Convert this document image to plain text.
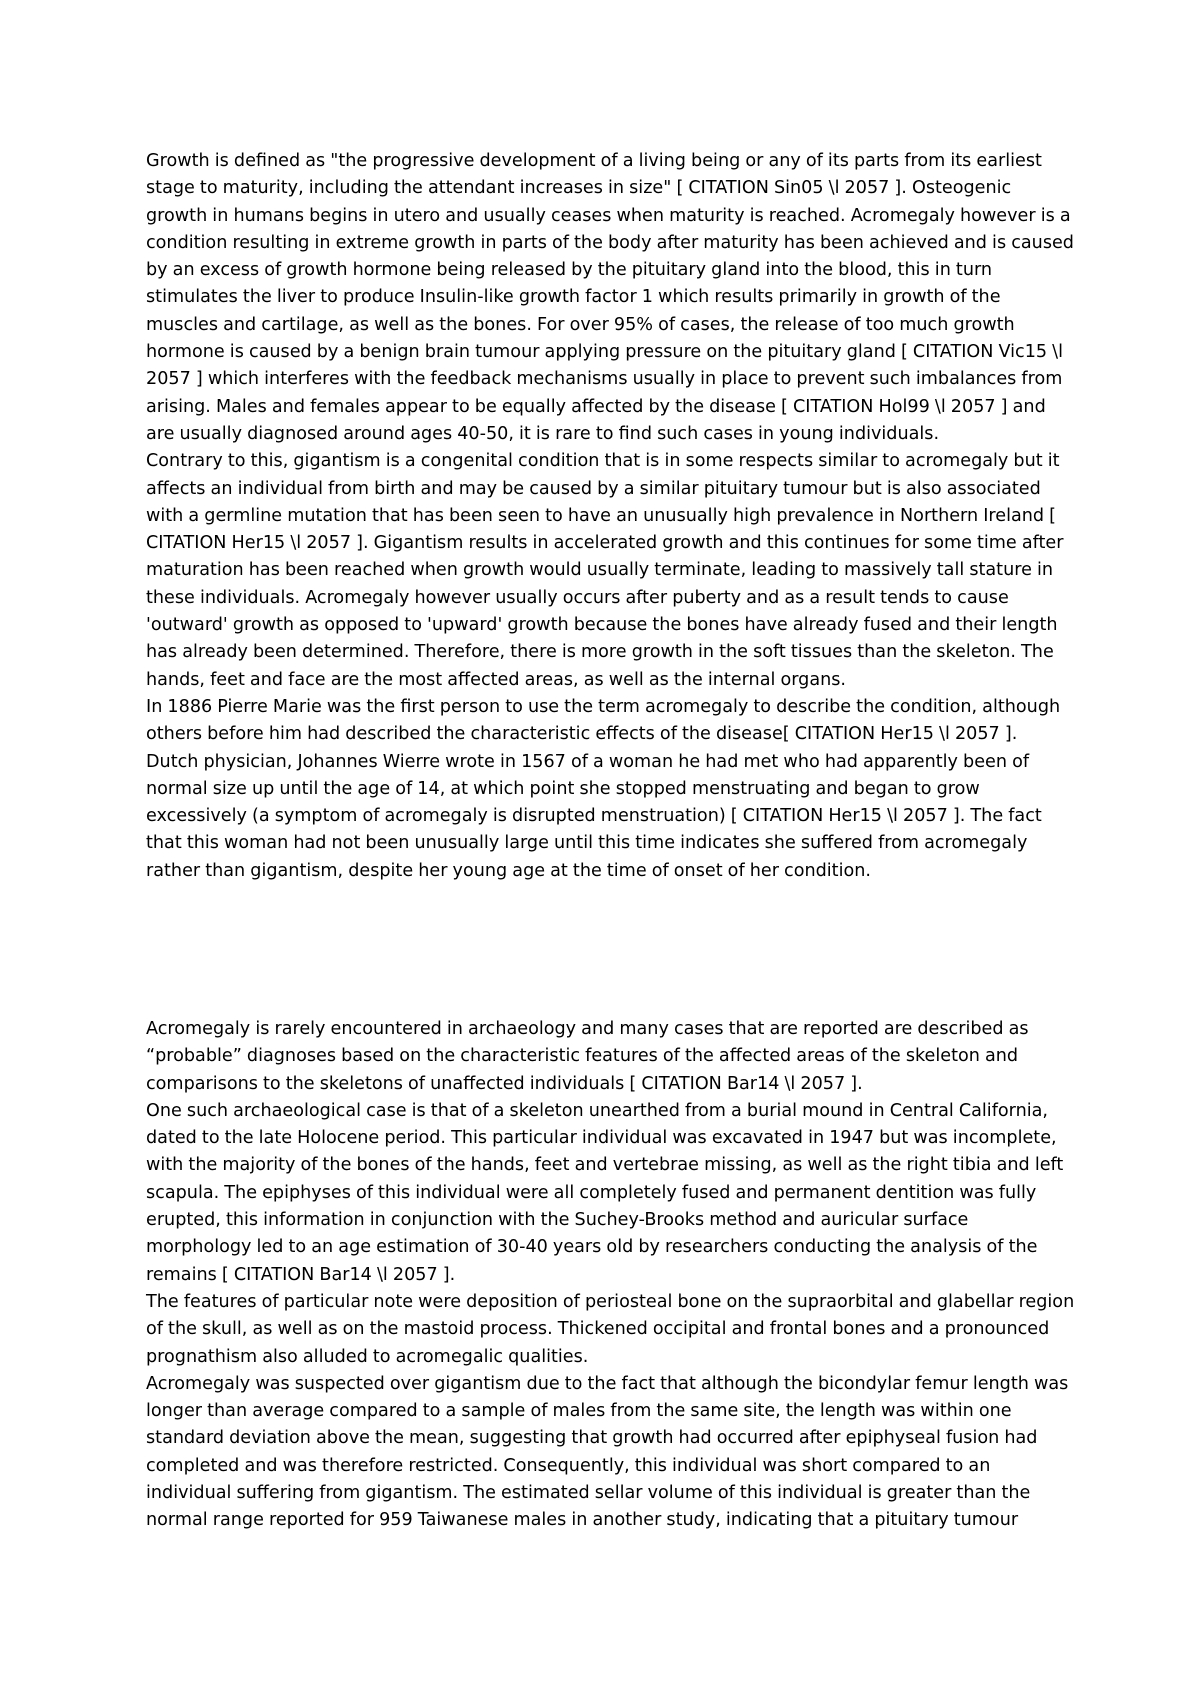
Growth is defined as "the progressive development of a living being or any of its parts from its earliest stage to maturity, including the attendant increases in size" [ CITATION Sin05 \l 2057 ]. Osteogenic growth in humans begins in utero and usually ceases when maturity is reached. Acromegaly however is a condition resulting in extreme growth in parts of the body after maturity has been achieved and is caused by an excess of growth hormone being released by the pituitary gland into the blood, this in turn stimulates the liver to produce Insulin-like growth factor 1 which results primarily in growth of the muscles and cartilage, as well as the bones. For over 95% of cases, the release of too much growth hormone is caused by a benign brain tumour applying pressure on the pituitary gland [ CITATION Vic15 \l 2057 ] which interferes with the feedback mechanisms usually in place to prevent such imbalances from arising. Males and females appear to be equally affected by the disease [ CITATION Hol99 \l 2057 ] and are usually diagnosed around ages 40-50, it is rare to find such cases in young individuals.

Contrary to this, gigantism is a congenital condition that is in some respects similar to acromegaly but it affects an individual from birth and may be caused by a similar pituitary tumour but is also associated with a germline mutation that has been seen to have an unusually high prevalence in Northern Ireland [ CITATION Her15 \l 2057 ]. Gigantism results in accelerated growth and this continues for some time after maturation has been reached when growth would usually terminate, leading to massively tall stature in these individuals. Acromegaly however usually occurs after puberty and as a result tends to cause 'outward' growth as opposed to 'upward' growth because the bones have already fused and their length has already been determined. Therefore, there is more growth in the soft tissues than the skeleton. The hands, feet and face are the most affected areas, as well as the internal organs.

In 1886 Pierre Marie was the first person to use the term acromegaly to describe the condition, although others before him had described the characteristic effects of the disease[ CITATION Her15 \l 2057 ].

Dutch physician, Johannes Wierre wrote in 1567 of a woman he had met who had apparently been of normal size up until the age of 14, at which point she stopped menstruating and began to grow excessively (a symptom of acromegaly is disrupted menstruation) [ CITATION Her15 \l 2057 ]. The fact that this woman had not been unusually large until this time indicates she suffered from acromegaly rather than gigantism, despite her young age at the time of onset of her condition.

Acromegaly is rarely encountered in archaeology and many cases that are reported are described as “probable” diagnoses based on the characteristic features of the affected areas of the skeleton and comparisons to the skeletons of unaffected individuals [ CITATION Bar14 \l 2057 ].

One such archaeological case is that of a skeleton unearthed from a burial mound in Central California, dated to the late Holocene period. This particular individual was excavated in 1947 but was incomplete, with the majority of the bones of the hands, feet and vertebrae missing, as well as the right tibia and left scapula. The epiphyses of this individual were all completely fused and permanent dentition was fully erupted, this information in conjunction with the Suchey-Brooks method and auricular surface morphology led to an age estimation of 30-40 years old by researchers conducting the analysis of the remains [ CITATION Bar14 \l 2057 ].

The features of particular note were deposition of periosteal bone on the supraorbital and glabellar region of the skull, as well as on the mastoid process. Thickened occipital and frontal bones and a pronounced prognathism also alluded to acromegalic qualities.

Acromegaly was suspected over gigantism due to the fact that although the bicondylar femur length was longer than average compared to a sample of males from the same site, the length was within one standard deviation above the mean, suggesting that growth had occurred after epiphyseal fusion had completed and was therefore restricted. Consequently, this individual was short compared to an individual suffering from gigantism. The estimated sellar volume of this individual is greater than the normal range reported for 959 Taiwanese males in another study, indicating that a pituitary tumour
